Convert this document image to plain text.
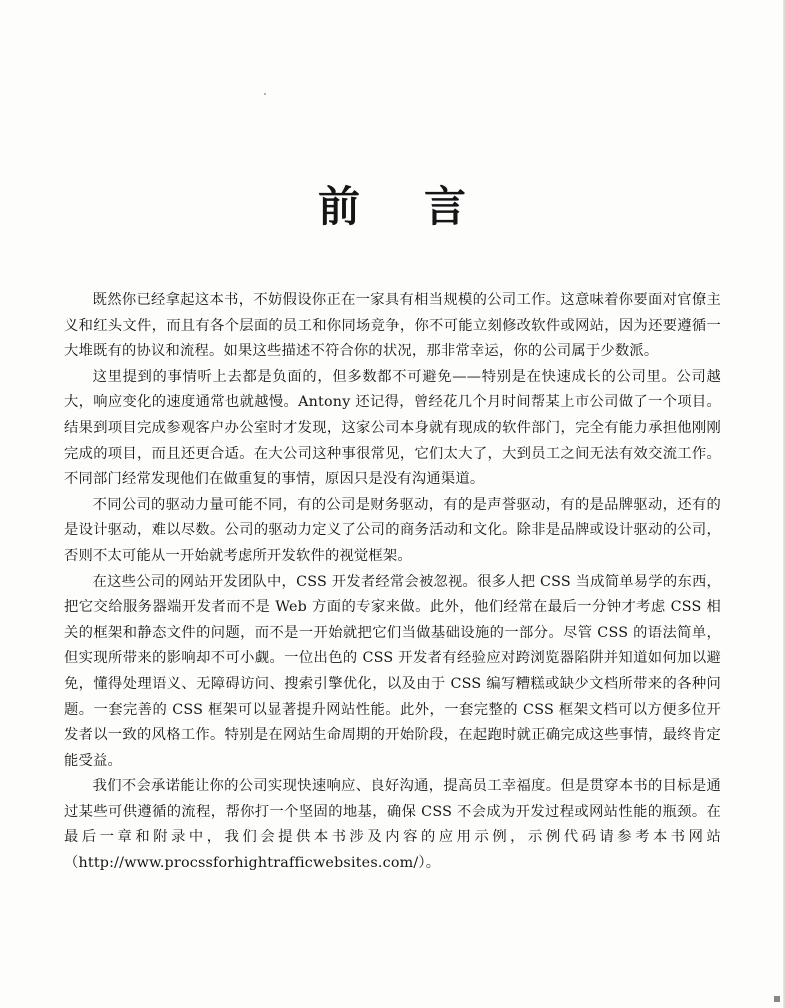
前 言

既然你已经拿起这本书，不妨假设你正在一家具有相当规模的公司工作。这意味着你要面对官僚主义和红头文件，而且有各个层面的员工和你同场竞争，你不可能立刻修改软件或网站，因为还要遵循一大堆既有的协议和流程。如果这些描述不符合你的状况，那非常幸运，你的公司属于少数派。

这里提到的事情听上去都是负面的，但多数都不可避免——特别是在快速成长的公司里。公司越大，响应变化的速度通常也就越慢。Antony 还记得，曾经花几个月时间帮某上市公司做了一个项目。结果到项目完成参观客户办公室时才发现，这家公司本身就有现成的软件部门，完全有能力承担他刚刚完成的项目，而且还更合适。在大公司这种事很常见，它们太大了，大到员工之间无法有效交流工作。不同部门经常发现他们在做重复的事情，原因只是没有沟通渠道。

不同公司的驱动力量可能不同，有的公司是财务驱动，有的是声誉驱动，有的是品牌驱动，还有的是设计驱动，难以尽数。公司的驱动力定义了公司的商务活动和文化。除非是品牌或设计驱动的公司，否则不太可能从一开始就考虑所开发软件的视觉框架。

在这些公司的网站开发团队中，CSS 开发者经常会被忽视。很多人把 CSS 当成简单易学的东西，把它交给服务器端开发者而不是 Web 方面的专家来做。此外，他们经常在最后一分钟才考虑 CSS 相关的框架和静态文件的问题，而不是一开始就把它们当做基础设施的一部分。尽管 CSS 的语法简单，但实现所带来的影响却不可小觑。一位出色的 CSS 开发者有经验应对跨浏览器陷阱并知道如何加以避免，懂得处理语义、无障碍访问、搜索引擎优化，以及由于 CSS 编写糟糕或缺少文档所带来的各种问题。一套完善的 CSS 框架可以显著提升网站性能。此外，一套完整的 CSS 框架文档可以方便多位开发者以一致的风格工作。特别是在网站生命周期的开始阶段，在起跑时就正确完成这些事情，最终肯定能受益。

我们不会承诺能让你的公司实现快速响应、良好沟通，提高员工幸福度。但是贯穿本书的目标是通过某些可供遵循的流程，帮你打一个坚固的地基，确保 CSS 不会成为开发过程或网站性能的瓶颈。在最后一章和附录中，我们会提供本书涉及内容的应用示例，示例代码请参考本书网站（http://www.procssforhightrafficwebsites.com/）。
